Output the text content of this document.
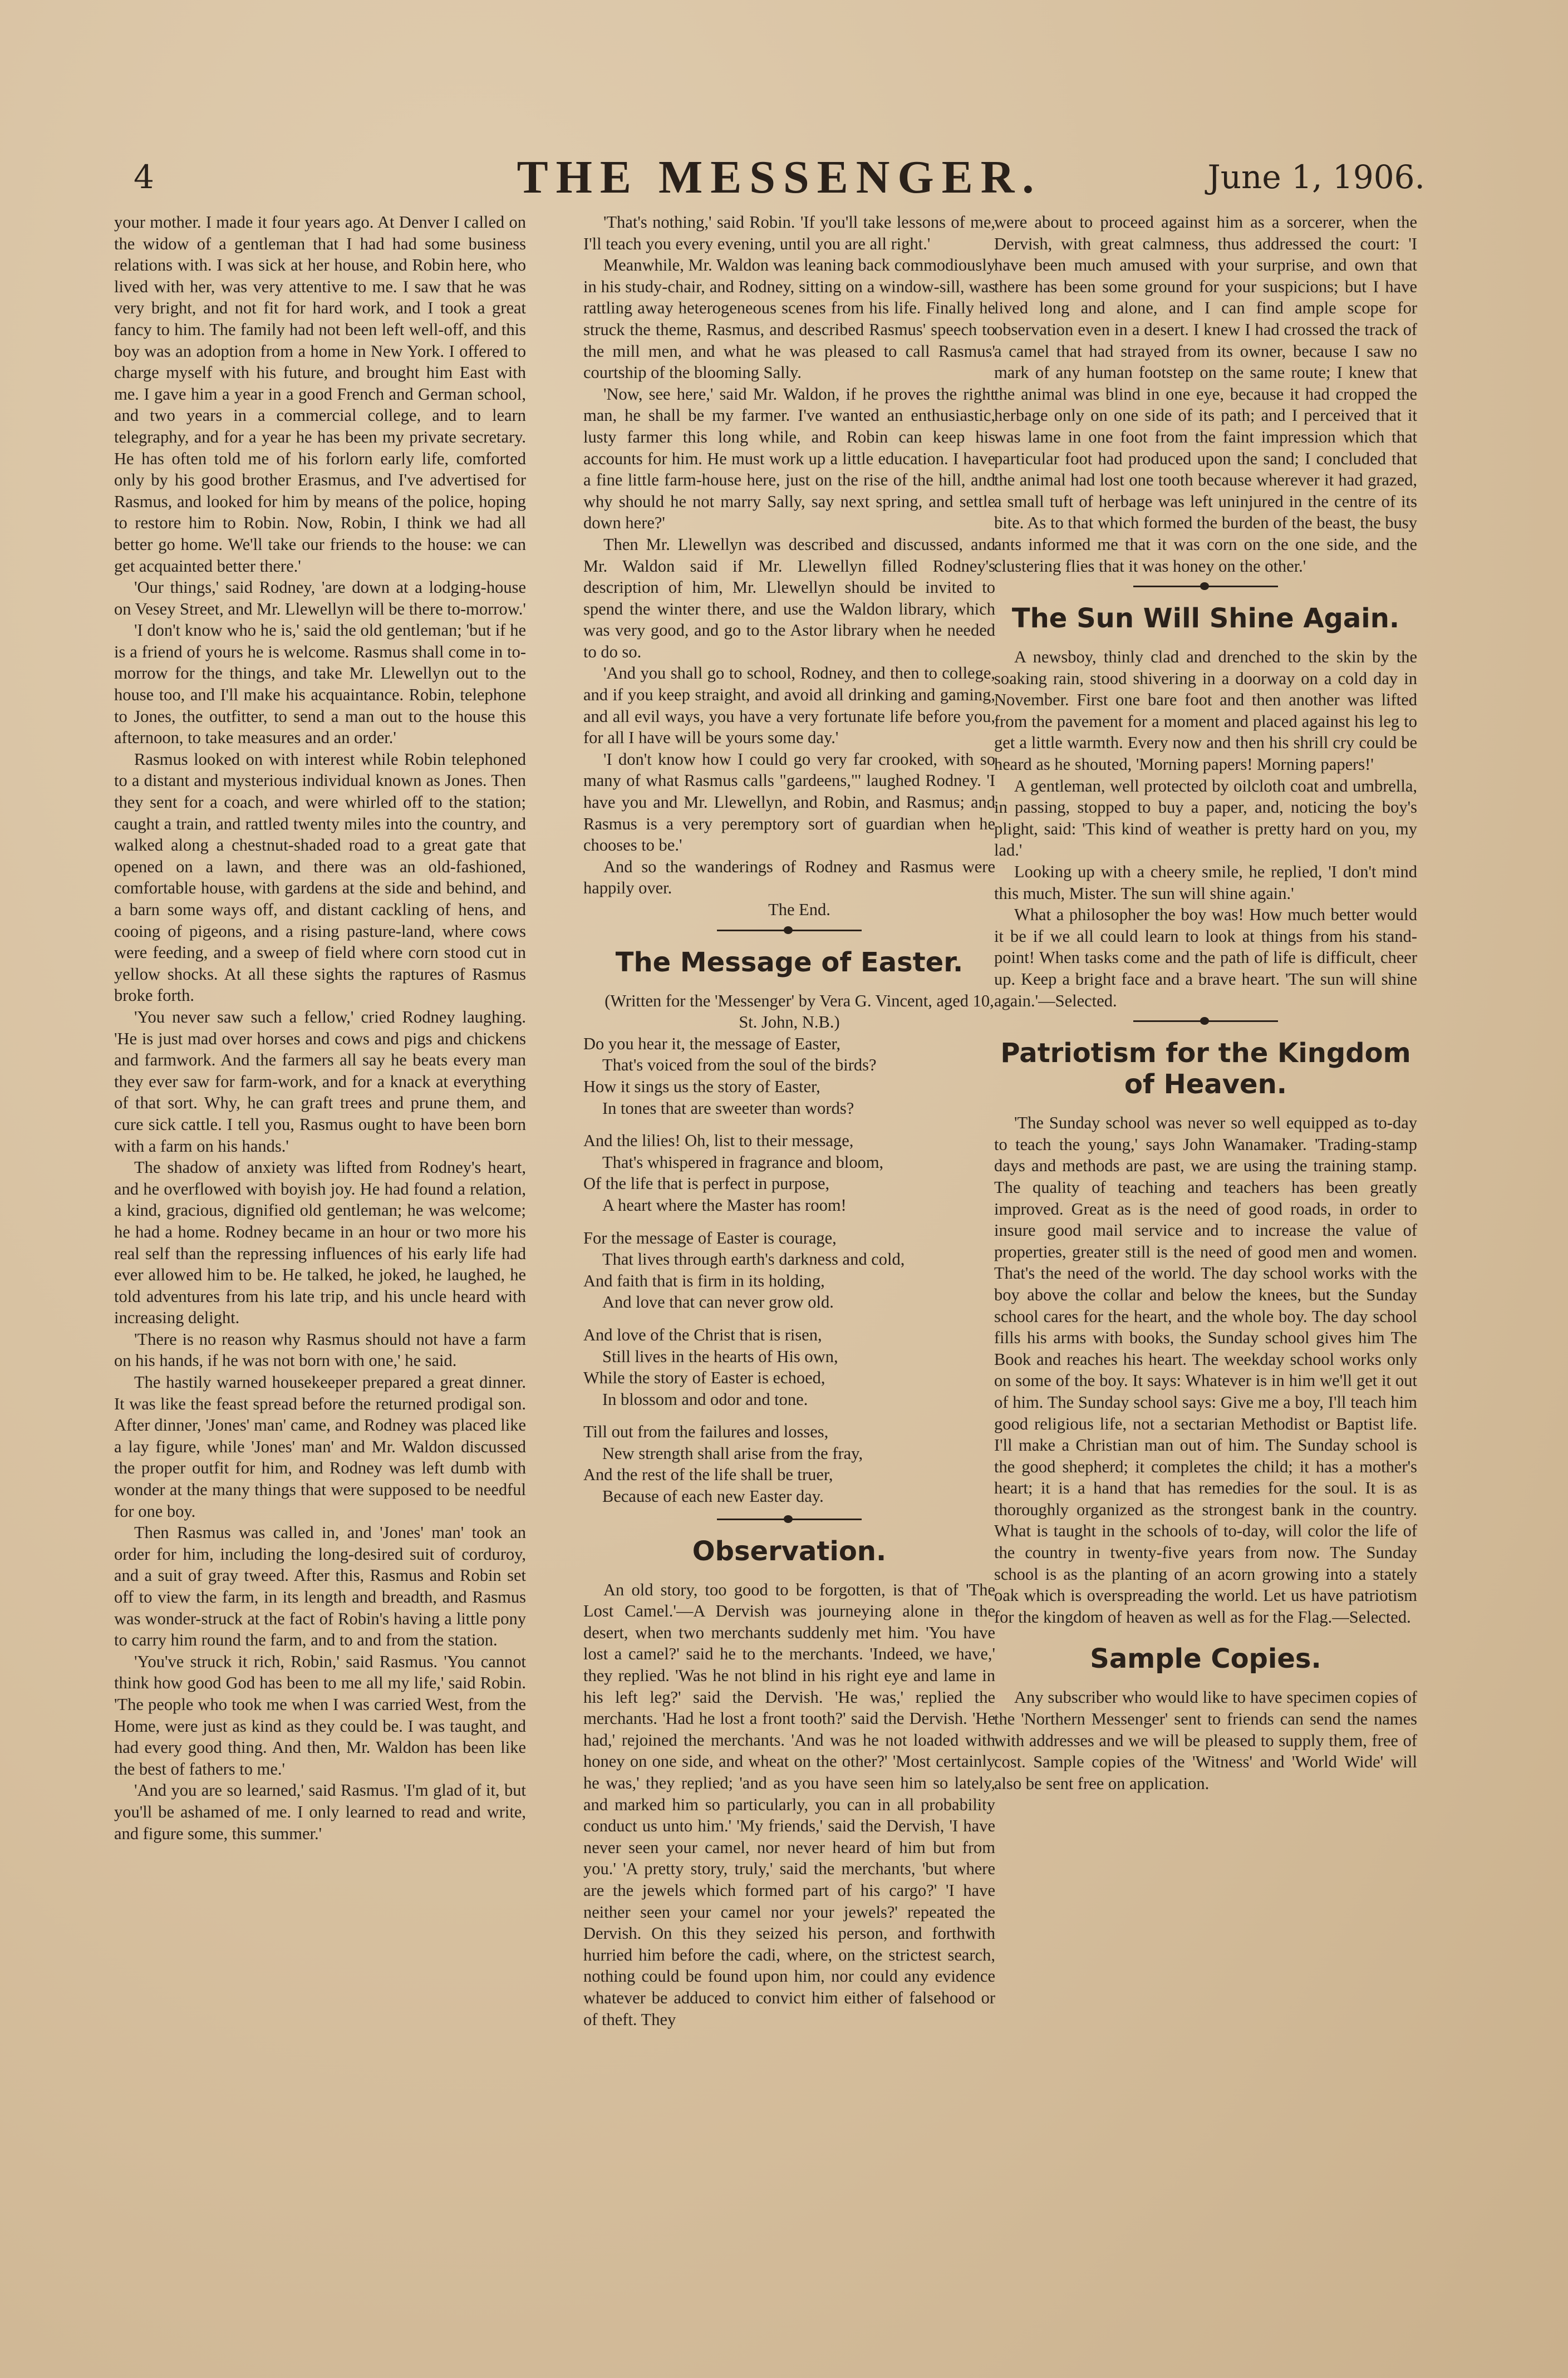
4	THE MESSENGER.	June 1, 1906.

your mother. I made it four years ago. At Denver I called on the widow of a gentleman that I had had some business relations with. I was sick at her house, and Robin here, who lived with her, was very attentive to me. I saw that he was very bright, and not fit for hard work, and I took a great fancy to him. The family had not been left well-off, and this boy was an adoption from a home in New York. I offered to charge myself with his future, and brought him East with me. I gave him a year in a good French and German school, and two years in a commercial college, and to learn telegraphy, and for a year he has been my private secretary. He has often told me of his forlorn early life, comforted only by his good brother Erasmus, and I've advertised for Rasmus, and looked for him by means of the police, hoping to restore him to Robin. Now, Robin, I think we had all better go home. We'll take our friends to the house: we can get acquainted better there.'

'Our things,' said Rodney, 'are down at a lodging-house on Vesey Street, and Mr. Llewellyn will be there to-morrow.'

'I don't know who he is,' said the old gentleman; 'but if he is a friend of yours he is welcome. Rasmus shall come in to-morrow for the things, and take Mr. Llewellyn out to the house too, and I'll make his acquaintance. Robin, telephone to Jones, the outfitter, to send a man out to the house this afternoon, to take measures and an order.'

Rasmus looked on with interest while Robin telephoned to a distant and mysterious individual known as Jones. Then they sent for a coach, and were whirled off to the station; caught a train, and rattled twenty miles into the country, and walked along a chestnut-shaded road to a great gate that opened on a lawn, and there was an old-fashioned, comfortable house, with gardens at the side and behind, and a barn some ways off, and distant cackling of hens, and cooing of pigeons, and a rising pasture-land, where cows were feeding, and a sweep of field where corn stood cut in yellow shocks. At all these sights the raptures of Rasmus broke forth.

'You never saw such a fellow,' cried Rodney laughing. 'He is just mad over horses and cows and pigs and chickens and farmwork. And the farmers all say he beats every man they ever saw for farm-work, and for a knack at everything of that sort. Why, he can graft trees and prune them, and cure sick cattle. I tell you, Rasmus ought to have been born with a farm on his hands.'

The shadow of anxiety was lifted from Rodney's heart, and he overflowed with boyish joy. He had found a relation, a kind, gracious, dignified old gentleman; he was welcome; he had a home. Rodney became in an hour or two more his real self than the repressing influences of his early life had ever allowed him to be. He talked, he joked, he laughed, he told adventures from his late trip, and his uncle heard with increasing delight.

'There is no reason why Rasmus should not have a farm on his hands, if he was not born with one,' he said.

The hastily warned housekeeper prepared a great dinner. It was like the feast spread before the returned prodigal son. After dinner, 'Jones' man' came, and Rodney was placed like a lay figure, while 'Jones' man' and Mr. Waldon discussed the proper outfit for him, and Rodney was left dumb with wonder at the many things that were supposed to be needful for one boy.

Then Rasmus was called in, and 'Jones' man' took an order for him, including the long-desired suit of corduroy, and a suit of gray tweed. After this, Rasmus and Robin set off to view the farm, in its length and breadth, and Rasmus was wonder-struck at the fact of Robin's having a little pony to carry him round the farm, and to and from the station.

'You've struck it rich, Robin,' said Rasmus. 'You cannot think how good God has been to me all my life,' said Robin. 'The people who took me when I was carried West, from the Home, were just as kind as they could be. I was taught, and had every good thing. And then, Mr. Waldon has been like the best of fathers to me.'

'And you are so learned,' said Rasmus. 'I'm glad of it, but you'll be ashamed of me. I only learned to read and write, and figure some, this summer.'

'That's nothing,' said Robin. 'If you'll take lessons of me, I'll teach you every evening, until you are all right.'

Meanwhile, Mr. Waldon was leaning back commodiously in his study-chair, and Rodney, sitting on a window-sill, was rattling away heterogeneous scenes from his life. Finally he struck the theme, Rasmus, and described Rasmus' speech to the mill men, and what he was pleased to call Rasmus' courtship of the blooming Sally.

'Now, see here,' said Mr. Waldon, if he proves the right man, he shall be my farmer. I've wanted an enthusiastic, lusty farmer this long while, and Robin can keep his accounts for him. He must work up a little education. I have a fine little farm-house here, just on the rise of the hill, and why should he not marry Sally, say next spring, and settle down here?'

Then Mr. Llewellyn was described and discussed, and Mr. Waldon said if Mr. Llewellyn filled Rodney's description of him, Mr. Llewellyn should be invited to spend the winter there, and use the Waldon library, which was very good, and go to the Astor library when he needed to do so.

'And you shall go to school, Rodney, and then to college, and if you keep straight, and avoid all drinking and gaming, and all evil ways, you have a very fortunate life before you, for all I have will be yours some day.'

'I don't know how I could go very far crooked, with so many of what Rasmus calls "gardeens,"' laughed Rodney. 'I have you and Mr. Llewellyn, and Robin, and Rasmus; and Rasmus is a very peremptory sort of guardian when he chooses to be.'

And so the wanderings of Rodney and Rasmus were happily over.

The End.

The Message of Easter.

(Written for the 'Messenger' by Vera G. Vincent, aged 10, St. John, N.B.)

Do you hear it, the message of Easter,
That's voiced from the soul of the birds?
How it sings us the story of Easter,
In tones that are sweeter than words?
And the lilies! Oh, list to their message,
That's whispered in fragrance and bloom,
Of the life that is perfect in purpose,
A heart where the Master has room!
For the message of Easter is courage,
That lives through earth's darkness and cold,
And faith that is firm in its holding,
And love that can never grow old.
And love of the Christ that is risen,
Still lives in the hearts of His own,
While the story of Easter is echoed,
In blossom and odor and tone.
Till out from the failures and losses,
New strength shall arise from the fray,
And the rest of the life shall be truer,
Because of each new Easter day.
Observation.

An old story, too good to be forgotten, is that of 'The Lost Camel.'—A Dervish was journeying alone in the desert, when two merchants suddenly met him. 'You have lost a camel?' said he to the merchants. 'Indeed, we have,' they replied. 'Was he not blind in his right eye and lame in his left leg?' said the Dervish. 'He was,' replied the merchants. 'Had he lost a front tooth?' said the Dervish. 'He had,' rejoined the merchants. 'And was he not loaded with honey on one side, and wheat on the other?' 'Most certainly he was,' they replied; 'and as you have seen him so lately, and marked him so particularly, you can in all probability conduct us unto him.' 'My friends,' said the Dervish, 'I have never seen your camel, nor never heard of him but from you.' 'A pretty story, truly,' said the merchants, 'but where are the jewels which formed part of his cargo?' 'I have neither seen your camel nor your jewels?' repeated the Dervish. On this they seized his person, and forthwith hurried him before the cadi, where, on the strictest search, nothing could be found upon him, nor could any evidence whatever be adduced to convict him either of falsehood or of theft. They

were about to proceed against him as a sorcerer, when the Dervish, with great calmness, thus addressed the court: 'I have been much amused with your surprise, and own that there has been some ground for your suspicions; but I have lived long and alone, and I can find ample scope for observation even in a desert. I knew I had crossed the track of a camel that had strayed from its owner, because I saw no mark of any human footstep on the same route; I knew that the animal was blind in one eye, because it had cropped the herbage only on one side of its path; and I perceived that it was lame in one foot from the faint impression which that particular foot had produced upon the sand; I concluded that the animal had lost one tooth because wherever it had grazed, a small tuft of herbage was left uninjured in the centre of its bite. As to that which formed the burden of the beast, the busy ants informed me that it was corn on the one side, and the clustering flies that it was honey on the other.'

The Sun Will Shine Again.

A newsboy, thinly clad and drenched to the skin by the soaking rain, stood shivering in a doorway on a cold day in November. First one bare foot and then another was lifted from the pavement for a moment and placed against his leg to get a little warmth. Every now and then his shrill cry could be heard as he shouted, 'Morning papers! Morning papers!'

A gentleman, well protected by oilcloth coat and umbrella, in passing, stopped to buy a paper, and, noticing the boy's plight, said: 'This kind of weather is pretty hard on you, my lad.'

Looking up with a cheery smile, he replied, 'I don't mind this much, Mister. The sun will shine again.'

What a philosopher the boy was! How much better would it be if we all could learn to look at things from his stand-point! When tasks come and the path of life is difficult, cheer up. Keep a bright face and a brave heart. 'The sun will shine again.'—Selected.

Patriotism for the Kingdom of Heaven.

'The Sunday school was never so well equipped as to-day to teach the young,' says John Wanamaker. 'Trading-stamp days and methods are past, we are using the training stamp. The quality of teaching and teachers has been greatly improved. Great as is the need of good roads, in order to insure good mail service and to increase the value of properties, greater still is the need of good men and women. That's the need of the world. The day school works with the boy above the collar and below the knees, but the Sunday school cares for the heart, and the whole boy. The day school fills his arms with books, the Sunday school gives him The Book and reaches his heart. The weekday school works only on some of the boy. It says: Whatever is in him we'll get it out of him. The Sunday school says: Give me a boy, I'll teach him good religious life, not a sectarian Methodist or Baptist life. I'll make a Christian man out of him. The Sunday school is the good shepherd; it completes the child; it has a mother's heart; it is a hand that has remedies for the soul. It is as thoroughly organized as the strongest bank in the country. What is taught in the schools of to-day, will color the life of the country in twenty-five years from now. The Sunday school is as the planting of an acorn growing into a stately oak which is overspreading the world. Let us have patriotism for the kingdom of heaven as well as for the Flag.—Selected.

Sample Copies.

Any subscriber who would like to have specimen copies of the 'Northern Messenger' sent to friends can send the names with addresses and we will be pleased to supply them, free of cost. Sample copies of the 'Witness' and 'World Wide' will also be sent free on application.
